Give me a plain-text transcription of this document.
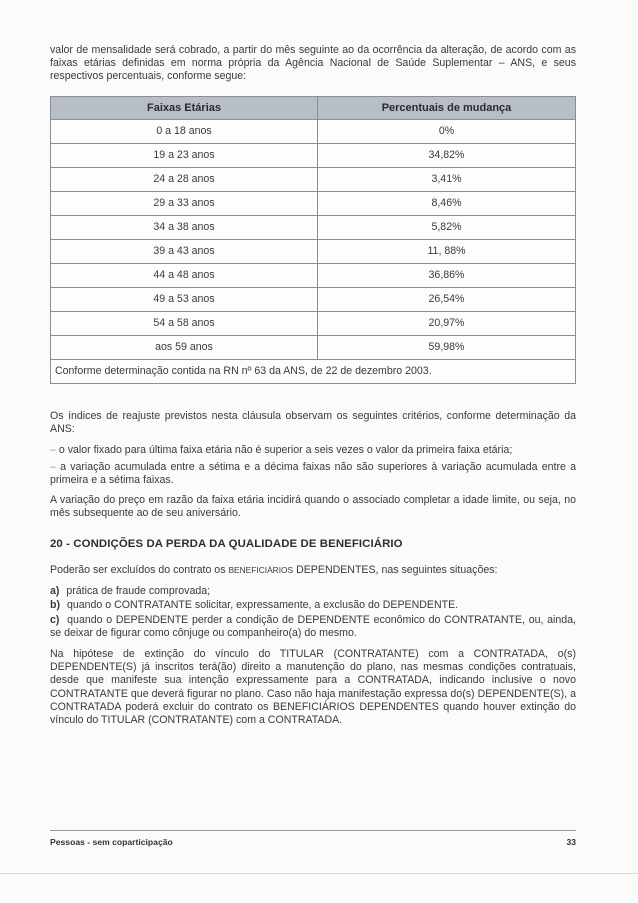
valor de mensalidade será cobrado, a partir do mês seguinte ao da ocorrência da alteração, de acordo com as faixas etárias definidas em norma própria da Agência Nacional de Saúde Suplementar – ANS, e seus respectivos percentuais, conforme segue:

Faixas Etárias	Percentuais de mudança
0 a 18 anos	0%
19 a 23 anos	34,82%
24 a 28 anos	3,41%
29 a 33 anos	8,46%
34 a 38 anos	5,82%
39 a 43 anos	11, 88%
44 a 48 anos	36,86%
49 a 53 anos	26,54%
54 a 58 anos	20,97%
aos 59 anos	59,98%
Conforme determinação contida na RN nº 63 da ANS, de 22 de dezembro 2003.	

Os índices de reajuste previstos nesta cláusula observam os seguintes critérios, conforme determinação da ANS:

– o valor fixado para última faixa etária não é superior a seis vezes o valor da primeira faixa etária;

– a variação acumulada entre a sétima e a décima faixas não são superiores à variação acumulada entre a primeira e a sétima faixas.

A variação do preço em razão da faixa etária incidirá quando o associado completar a idade limite, ou seja, no mês subsequente ao de seu aniversário.

20 - CONDIÇÕES DA PERDA DA QUALIDADE DE BENEFICIÁRIO

Poderão ser excluídos do contrato os BENEFICIÁRIOS DEPENDENTES, nas seguintes situações:

a) prática de fraude comprovada;

b) quando o CONTRATANTE solicitar, expressamente, a exclusão do DEPENDENTE.

c) quando o DEPENDENTE perder a condição de DEPENDENTE econômico do CONTRATANTE, ou, ainda, se deixar de figurar como cônjuge ou companheiro(a) do mesmo.

Na hipótese de extinção do vínculo do TITULAR (CONTRATANTE) com a CONTRATADA, o(s) DEPENDENTE(S) já inscritos terá(ão) direito a manutenção do plano, nas mesmas condições contratuais, desde que manifeste sua intenção expressamente para a CONTRATADA, indicando inclusive o novo CONTRATANTE que deverá figurar no plano. Caso não haja manifestação expressa do(s) DEPENDENTE(S), a CONTRATADA poderá excluir do contrato os BENEFICIÁRIOS DEPENDENTES quando houver extinção do vínculo do TITULAR (CONTRATANTE) com a CONTRATADA.

Pessoas - sem coparticipação	33
